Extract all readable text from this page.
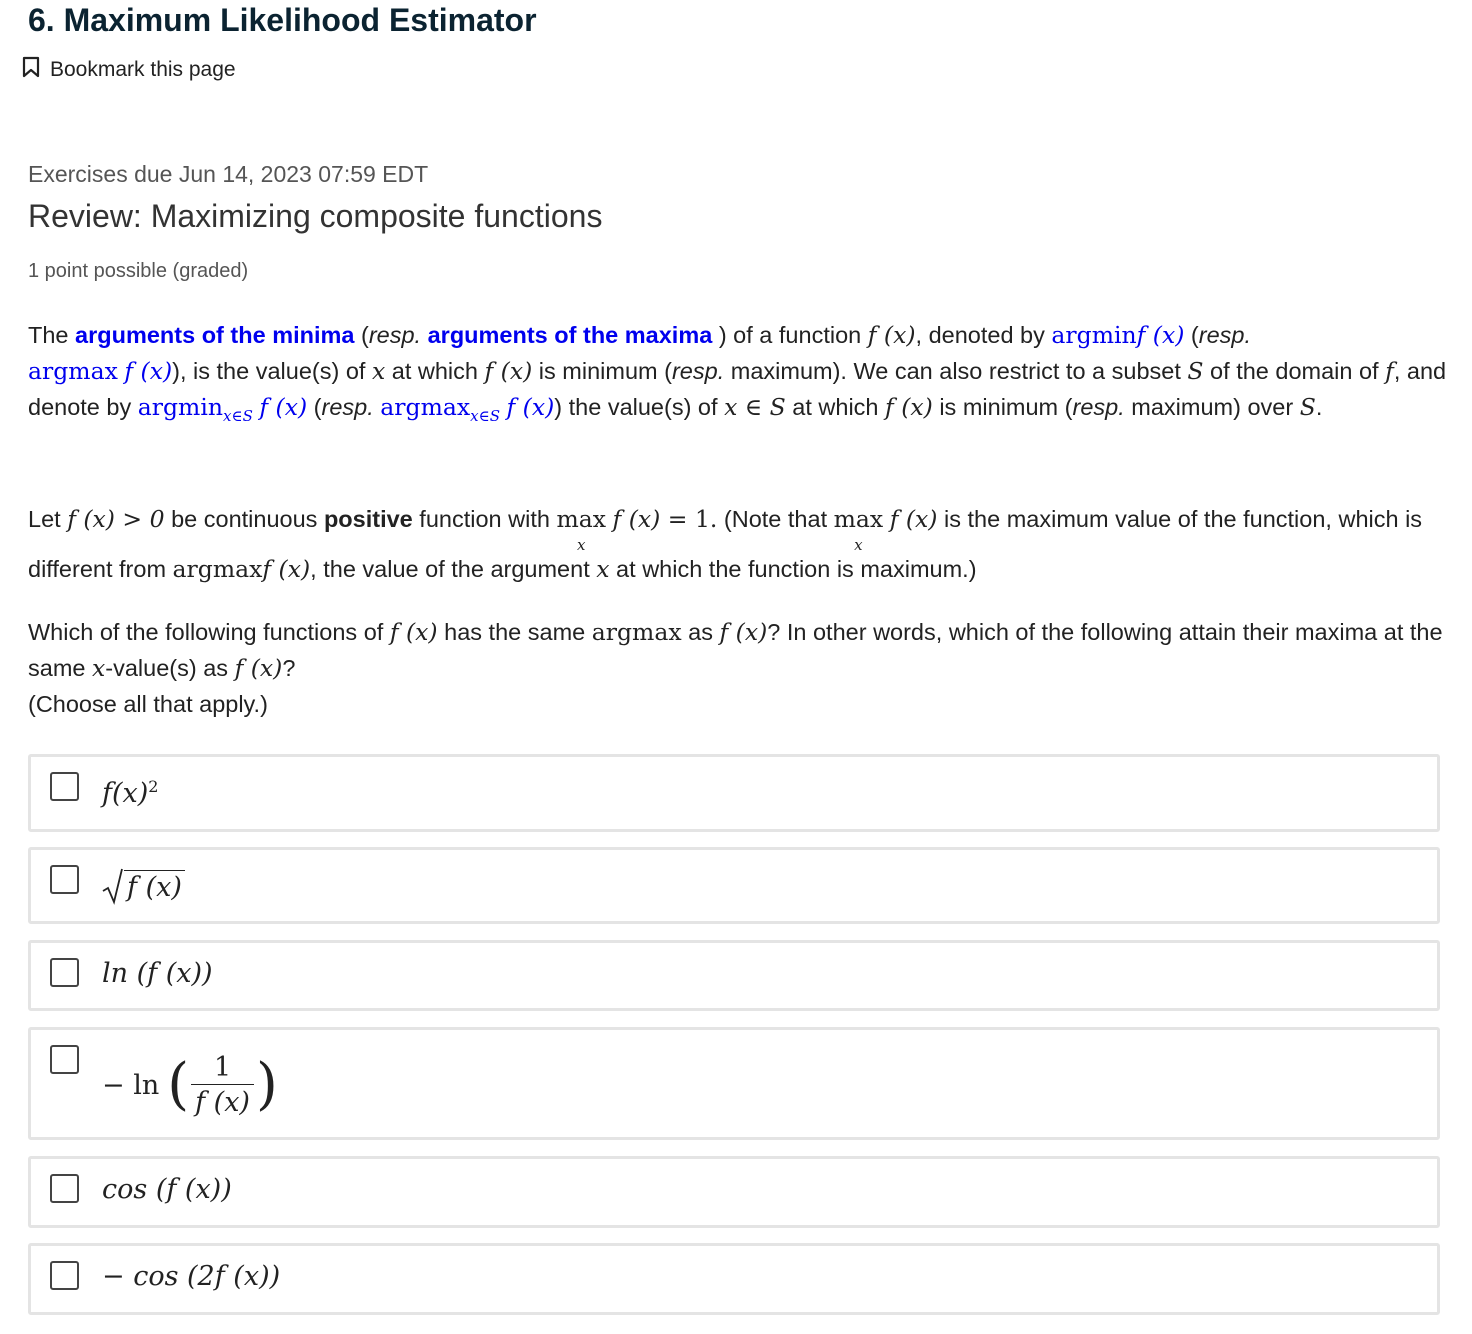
6. Maximum Likelihood Estimator
Bookmark this page
Exercises due Jun 14, 2023 07:59 EDT
Review: Maximizing composite functions
1 point possible (graded)
The arguments of the minima (resp. arguments of the maxima ) of a function f (x), denoted by argminf (x) (resp.
argmax f (x)), is the value(s) of x at which f (x) is minimum (resp. maximum). We can also restrict to a subset S of the domain of f, and denote by argmin$_{x\in S}$ f (x) (resp. argmax$_{x\in S}$ f (x)) the value(s) of x ∈ S at which f (x) is minimum (resp. maximum) over S.
Let f (x) > 0 be continuous positive function with max
x
f (x) = 1. (Note that max
x
f (x) is the maximum value of the function, which is different from argmaxf (x), the value of the argument x at which the function is maximum.)
Which of the following functions of f (x) has the same argmax as f (x)? In other words, which of the following attain their maxima at the same x-value(s) as f (x)?
(Choose all that apply.)
$f(x)^2$
f (x)
ln (f (x))
− ln ( 1
f (x) )
cos (f (x))
− cos (2f (x))
